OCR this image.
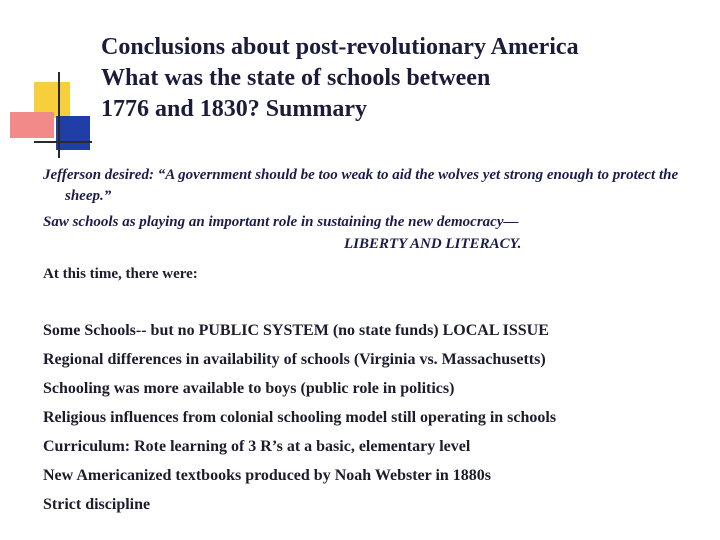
Conclusions about post-revolutionary America
What was the state of schools between
1776 and 1830? Summary

Jefferson desired: “A government should be too weak to aid the wolves yet strong enough to protect the sheep.”

Saw schools as playing an important role in sustaining the new democracy—

LIBERTY AND LITERACY.

At this time, there were:

Some Schools-- but no PUBLIC SYSTEM (no state funds) LOCAL ISSUE
Regional differences in availability of schools (Virginia vs. Massachusetts)
Schooling was more available to boys (public role in politics)
Religious influences from colonial schooling model still operating in schools
Curriculum: Rote learning of 3 R’s at a basic, elementary level
New Americanized textbooks produced by Noah Webster in 1880s
Strict discipline
